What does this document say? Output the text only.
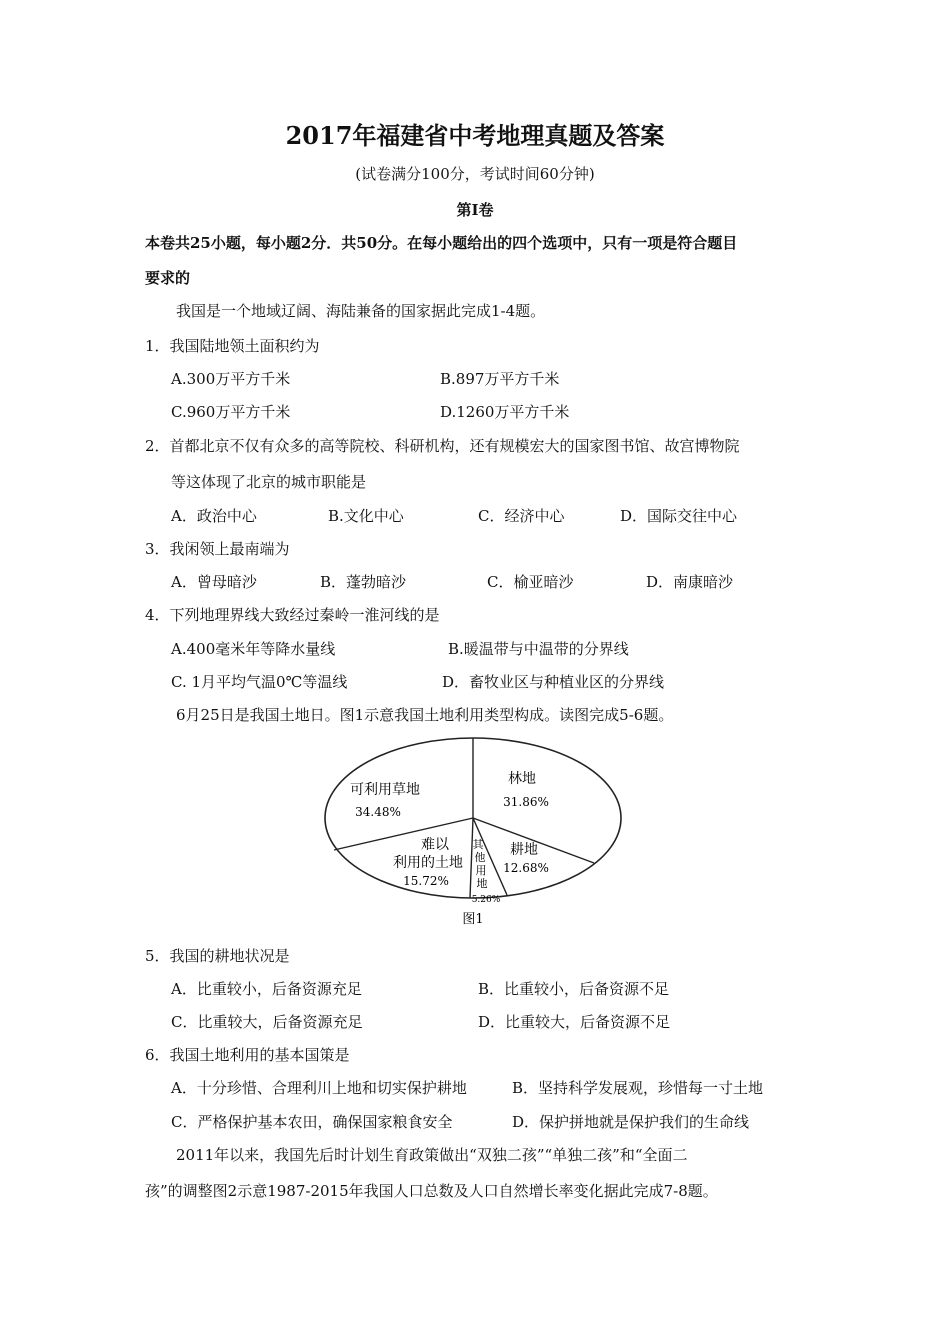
2017年福建省中考地理真题及答案
(试卷满分100分，考试时间60分钟)
第Ⅰ卷
本卷共25小题，每小题2分．共50分。在每小题给出的四个选项中，只有一项是符合题目
要求的
我国是一个地域辽阔、海陆兼备的国家据此完成1-4题。
1．我国陆地领土面积约为
A.300万平方千米	B.897万平方千米
C.960万平方千米	D.1260万平方千米
2．首都北京不仅有众多的高等院校、科研机构，还有规模宏大的国家图书馆、故宫博物院
等这体现了北京的城市职能是
A．政治中心	B.文化中心	C．经济中心	D．国际交往中心
3．我闲领上最南端为
A．曾母暗沙	B．蓬勃暗沙	C．榆亚暗沙	D．南康暗沙
4．下列地理界线大致经过秦岭一淮河线的是
A.400毫米年等降水量线	B.暖温带与中温带的分界线
C. 1月平均气温0℃等温线	D．畜牧业区与种植业区的分界线
6月25日是我国土地日。图1示意我国土地利用类型构成。读图完成5-6题。
可利用草地
34.48%
林地
31.86%
耕地
12.68%
难以
利用的土地
15.72%
其
他
用
地
5.26%
图1
5．我国的耕地状况是
A．比重较小，后备资源充足	B．比重较小，后备资源不足
C．比重较大，后备资源充足	D．比重较大，后备资源不足
6．我国土地利用的基本国策是
A．十分珍惜、合理利川上地和切实保护耕地	B．坚持科学发展观，珍惜每一寸土地
C．严格保护基本农田，确保国家粮食安全	D．保护拼地就是保护我们的生命线
2011年以来，我国先后时计划生育政策做出“双独二孩”“单独二孩”和“全面二
孩”的调整图2示意1987-2015年我国人口总数及人口自然增长率变化据此完成7-8题。
